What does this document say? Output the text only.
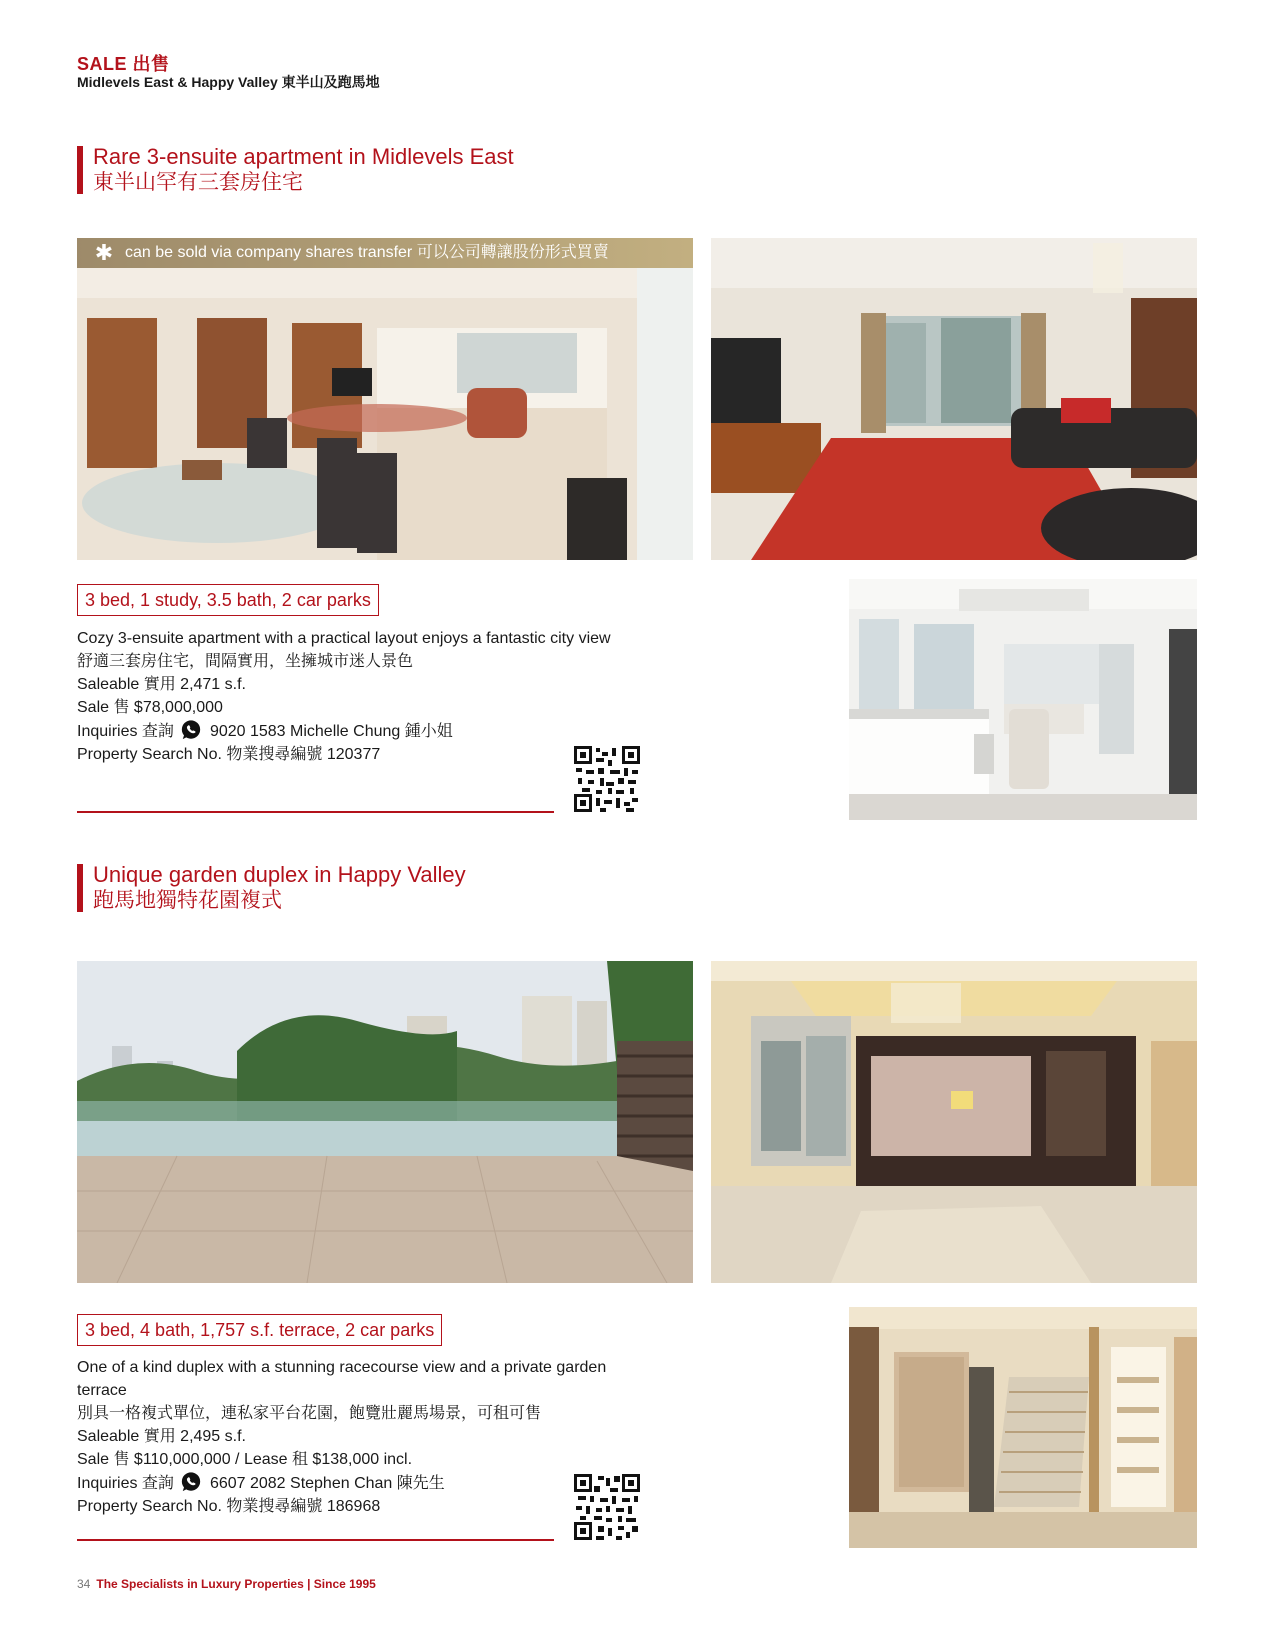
SALE 出售
Midlevels East & Happy Valley 東半山及跑馬地
Rare 3-ensuite apartment in Midlevels East
東半山罕有三套房住宅
✱ can be sold via company shares transfer 可以公司轉讓股份形式買賣
3 bed, 1 study, 3.5 bath, 2 car parks
Cozy 3-ensuite apartment with a practical layout enjoys a fantastic city view
舒適三套房住宅，間隔實用，坐擁城市迷人景色
Saleable 實用 2,471 s.f.
Sale 售 $78,000,000
Inquiries 查詢 9020 1583 Michelle Chung 鍾小姐
Property Search No. 物業搜尋編號 120377
Unique garden duplex in Happy Valley
跑馬地獨特花園複式
3 bed, 4 bath, 1,757 s.f. terrace, 2 car parks
One of a kind duplex with a stunning racecourse view and a private garden
terrace
別具一格複式單位，連私家平台花園，飽覽壯麗馬場景，可租可售
Saleable 實用 2,495 s.f.
Sale 售 $110,000,000 / Lease 租 $138,000 incl.
Inquiries 查詢 6607 2082 Stephen Chan 陳先生
Property Search No. 物業搜尋編號 186968
34 The Specialists in Luxury Properties | Since 1995
